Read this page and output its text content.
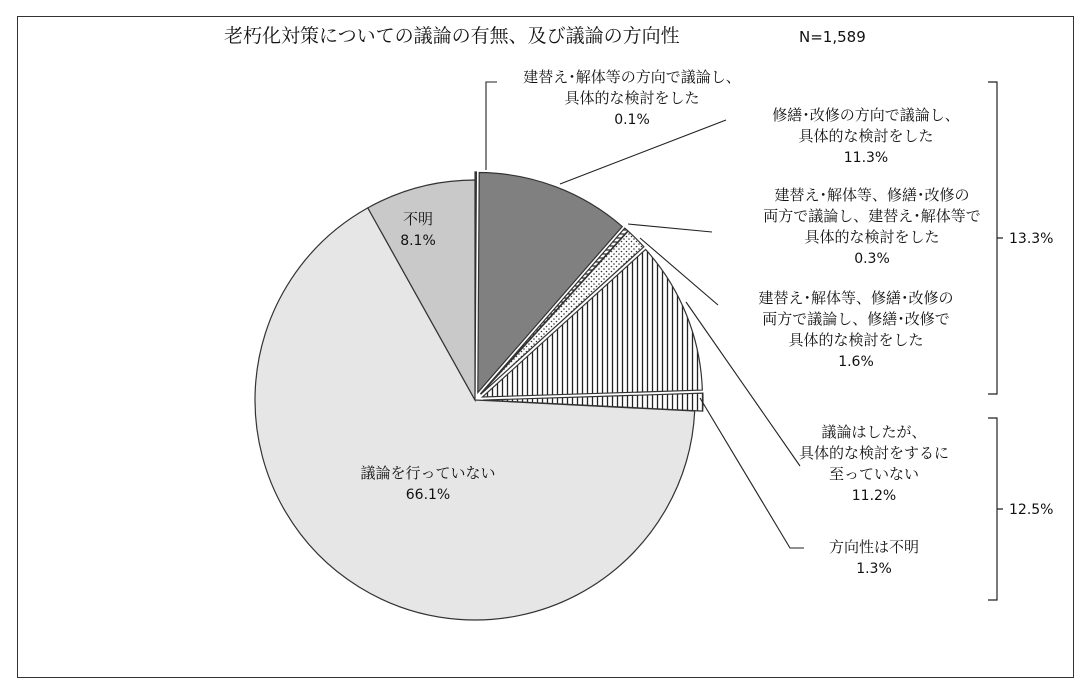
老朽化対策についての議論の有無、及び議論の方向性	N=1,589
建替え･解体等の方向で議論し、
具体的な検討をした
0.1%	修繕･改修の方向で議論し、
具体的な検討をした
11.3%
建替え･解体等、修繕･改修の
両方で議論し、建替え･解体等で
具体的な検討をした
0.3%
建替え･解体等、修繕･改修の
両方で議論し、修繕･改修で
具体的な検討をした
1.6%
議論はしたが、
具体的な検討をするに
至っていない
11.2%
方向性は不明
1.3%
議論を行っていない
66.1%
不明
8.1%	13.3%
12.5%
